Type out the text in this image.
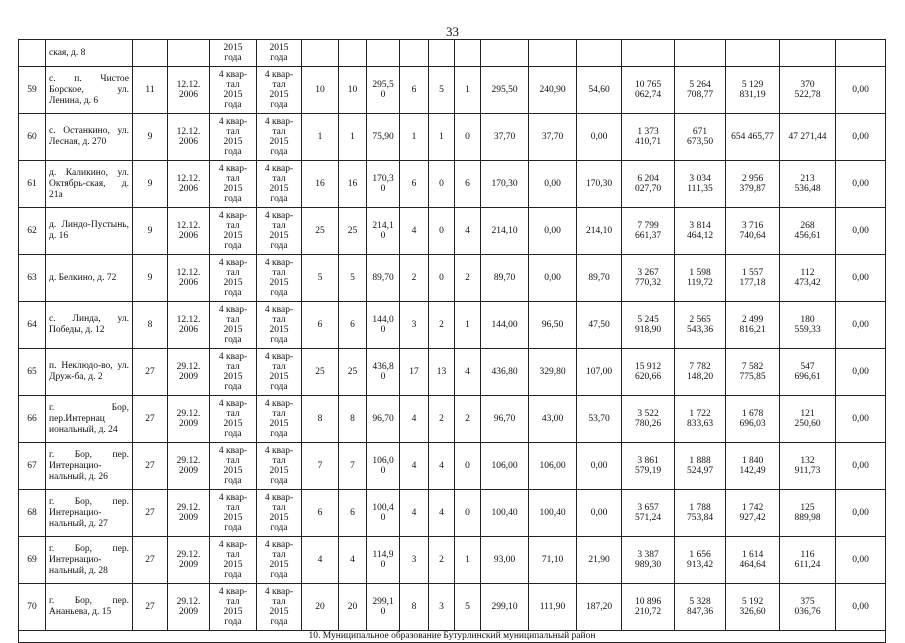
33
	ская, д. 8			2015
года	2015
года														
59	с. п. Чистое Борское, ул. Ленина, д. 6	11	12.12.
2006	4 квар-
тал
2015
года	4 квар-
тал
2015
года	10	10	295,5
0	6	5	1	295,50	240,90	54,60	10 765
062,74	5 264
708,77	5 129
831,19	370
522,78	0,00
60	с. Останкино, ул. Лесная, д. 270	9	12.12.
2006	4 квар-
тал
2015
года	4 квар-
тал
2015
года	1	1	75,90	1	1	0	37,70	37,70	0,00	1 373
410,71	671
673,50	654 465,77	47 271,44	0,00
61	д. Каликино, ул. Октябрь-ская, д. 21а	9	12.12.
2006	4 квар-
тал
2015
года	4 квар-
тал
2015
года	16	16	170,3
0	6	0	6	170,30	0,00	170,30	6 204
027,70	3 034
111,35	2 956
379,87	213
536,48	0,00
62	д. Линдо-Пустынь, д. 16	9	12.12.
2006	4 квар-
тал
2015
года	4 квар-
тал
2015
года	25	25	214,1
0	4	0	4	214,10	0,00	214,10	7 799
661,37	3 814
464,12	3 716
740,64	268
456,61	0,00
63	д. Белкино, д. 72	9	12.12.
2006	4 квар-
тал
2015
года	4 квар-
тал
2015
года	5	5	89,70	2	0	2	89,70	0,00	89,70	3 267
770,32	1 598
119,72	1 557
177,18	112
473,42	0,00
64	с. Линда, ул. Победы, д. 12	8	12.12.
2006	4 квар-
тал
2015
года	4 квар-
тал
2015
года	6	6	144,0
0	3	2	1	144,00	96,50	47,50	5 245
918,90	2 565
543,36	2 499
816,21	180
559,33	0,00
65	п. Неклюдо-во, ул. Друж-ба, д. 2	27	29.12.
2009	4 квар-
тал
2015
года	4 квар-
тал
2015
года	25	25	436,8
0	17	13	4	436,80	329,80	107,00	15 912
620,66	7 782
148,20	7 582
775,85	547
696,61	0,00
66	г. Бор, пер.Интернац иональный, д. 24	27	29.12.
2009	4 квар-
тал
2015
года	4 квар-
тал
2015
года	8	8	96,70	4	2	2	96,70	43,00	53,70	3 522
780,26	1 722
833,63	1 678
696,03	121
250,60	0,00
67	г. Бор, пер. Интернацио-нальный, д. 26	27	29.12.
2009	4 квар-
тал
2015
года	4 квар-
тал
2015
года	7	7	106,0
0	4	4	0	106,00	106,00	0,00	3 861
579,19	1 888
524,97	1 840
142,49	132
911,73	0,00
68	г. Бор, пер. Интернацио-нальный, д. 27	27	29.12.
2009	4 квар-
тал
2015
года	4 квар-
тал
2015
года	6	6	100,4
0	4	4	0	100,40	100,40	0,00	3 657
571,24	1 788
753,84	1 742
927,42	125
889,98	0,00
69	г. Бор, пер. Интернацио-нальный, д. 28	27	29.12.
2009	4 квар-
тал
2015
года	4 квар-
тал
2015
года	4	4	114,9
0	3	2	1	93,00	71,10	21,90	3 387
989,30	1 656
913,42	1 614
464,64	116
611,24	0,00
70	г. Бор, пер. Ананьева, д. 15	27	29.12.
2009	4 квар-
тал
2015
года	4 квар-
тал
2015
года	20	20	299,1
0	8	3	5	299,10	111,90	187,20	10 896
210,72	5 328
847,36	5 192
326,60	375
036,76	0,00
10. Муниципальное образование Бутурлинский муниципальный район																			
